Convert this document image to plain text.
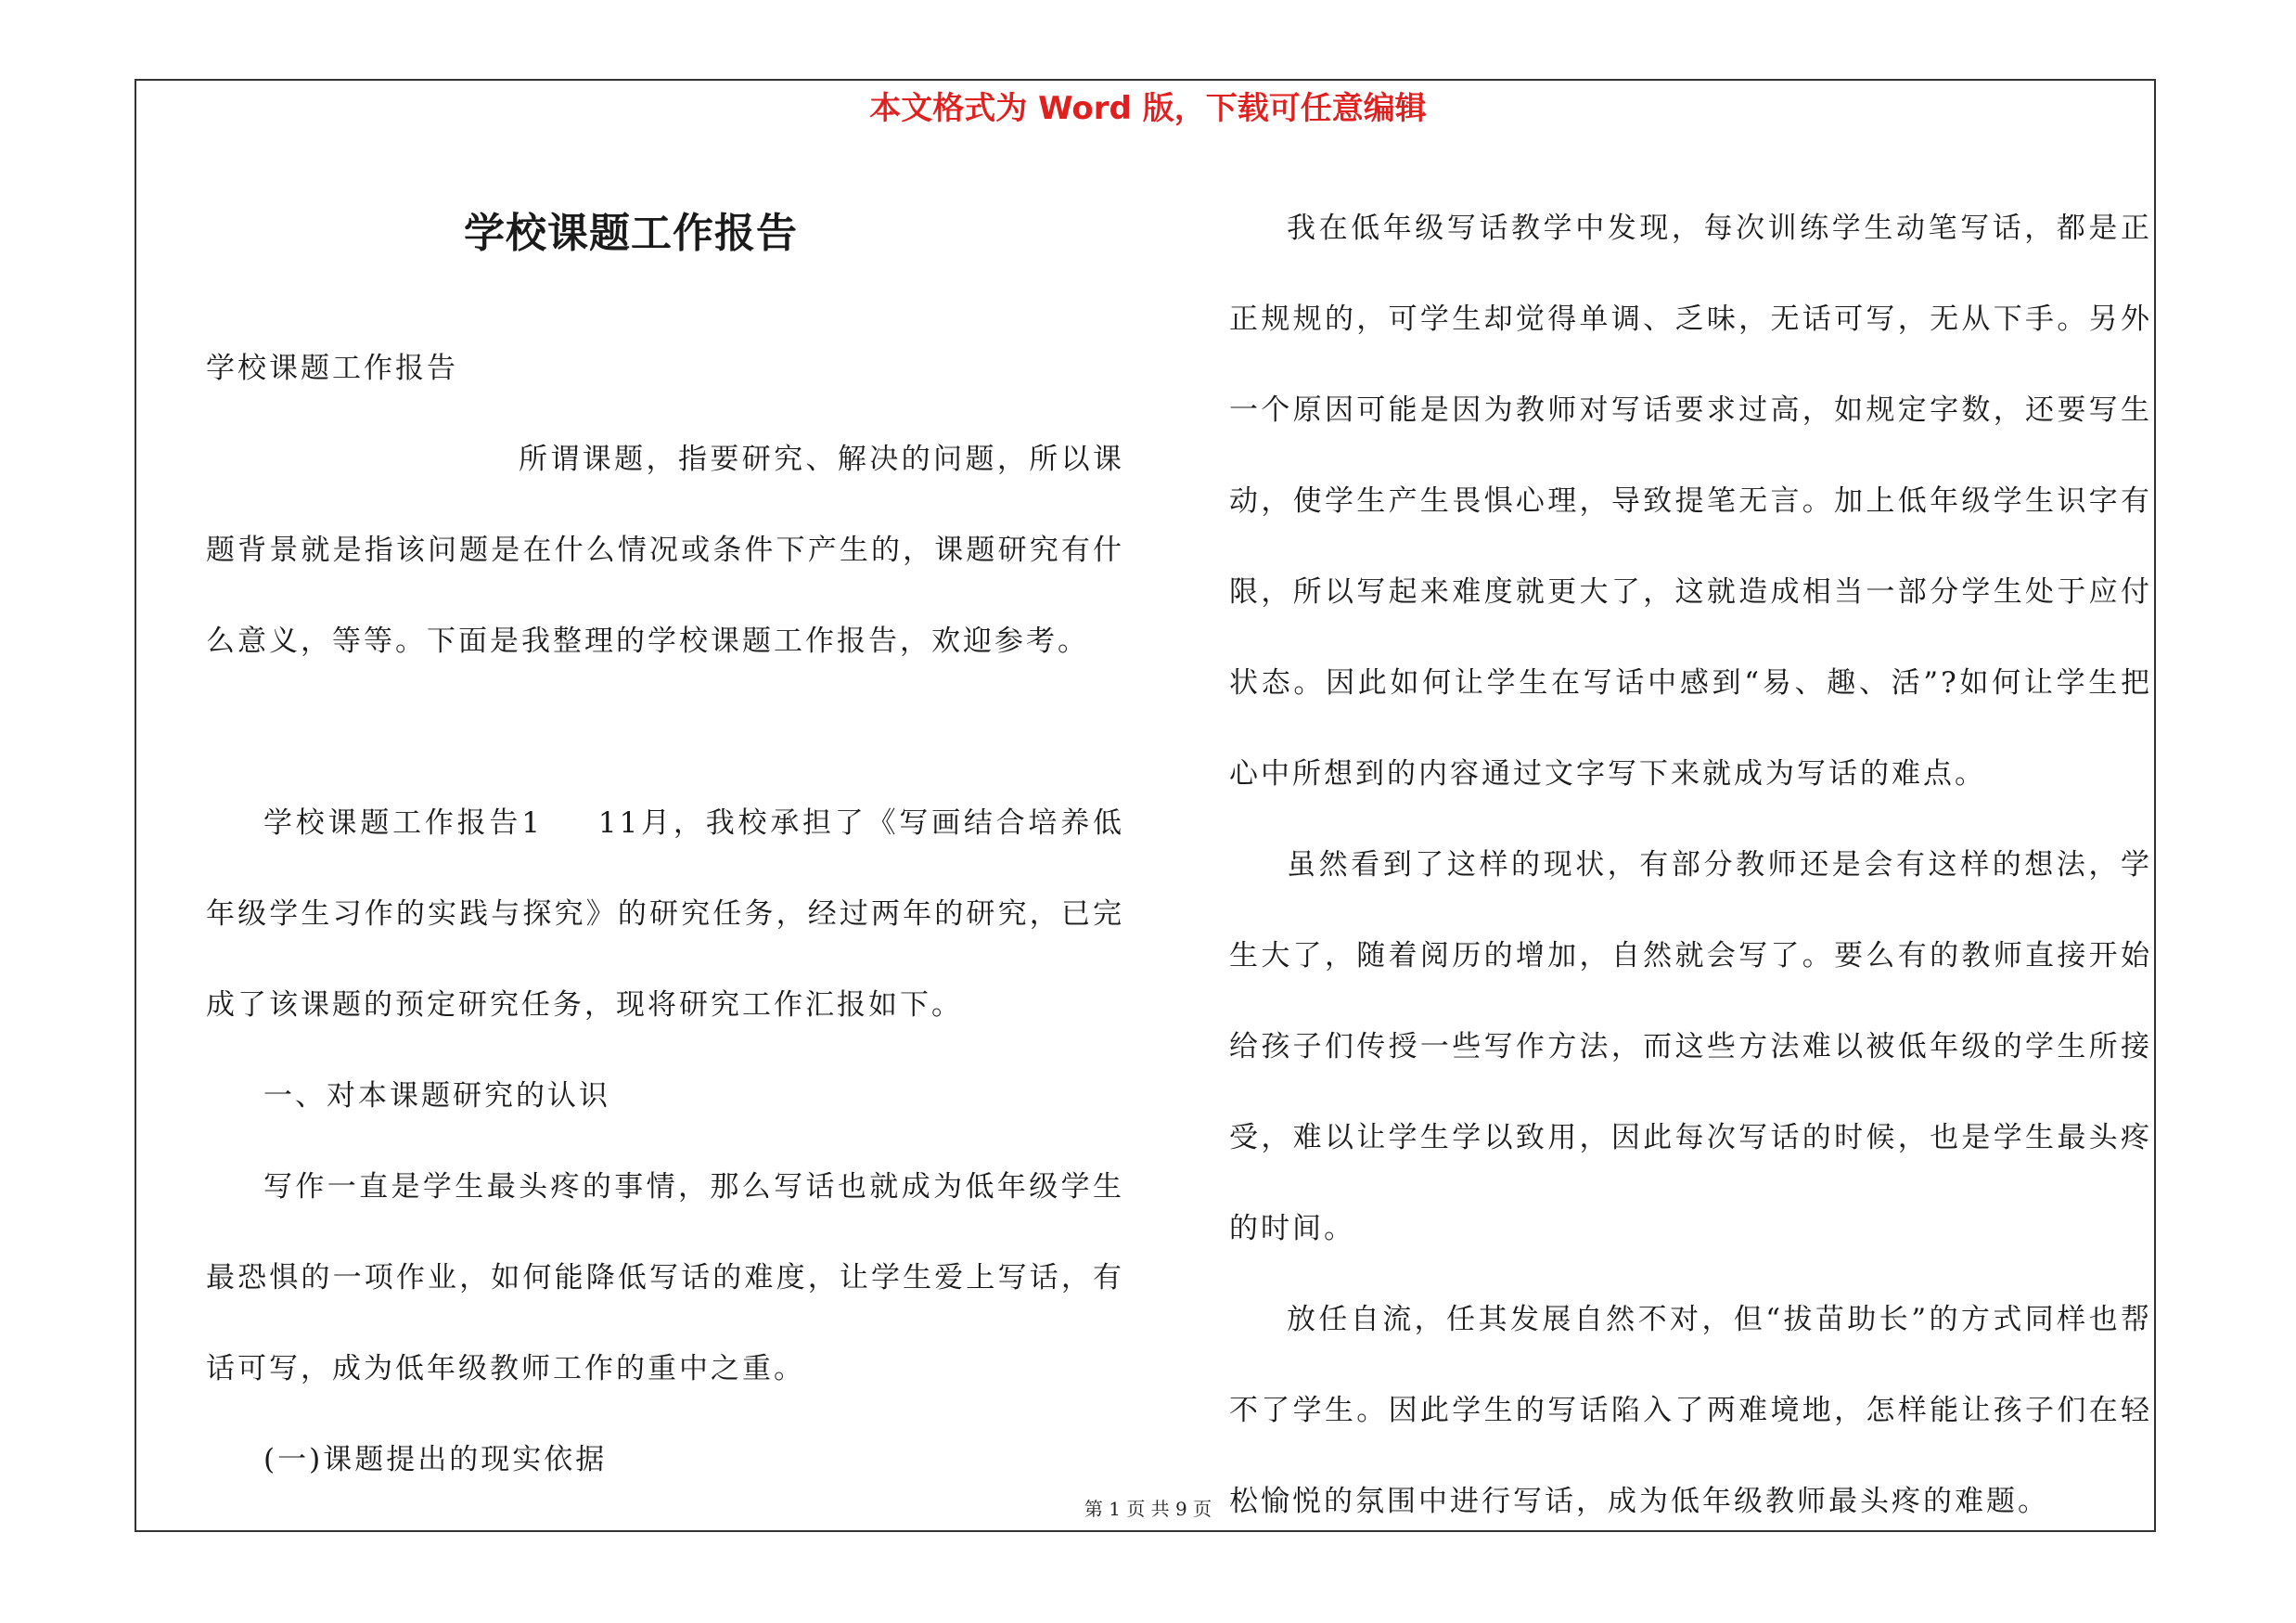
本文格式为 Word 版，下载可任意编辑
学校课题工作报告

学校课题工作报告

所谓课题，指要研究、解决的问题，所以课题背景就是指该问题是在什么情况或条件下产生的，课题研究有什么意义，等等。下面是我整理的学校课题工作报告，欢迎参考。

学校课题工作报告1 11月，我校承担了《写画结合培养低年级学生习作的实践与探究》的研究任务，经过两年的研究，已完成了该课题的预定研究任务，现将研究工作汇报如下。

一、对本课题研究的认识

写作一直是学生最头疼的事情，那么写话也就成为低年级学生最恐惧的一项作业，如何能降低写话的难度，让学生爱上写话，有话可写，成为低年级教师工作的重中之重。

(一)课题提出的现实依据

我在低年级写话教学中发现，每次训练学生动笔写话，都是正正规规的，可学生却觉得单调、乏味，无话可写，无从下手。另外一个原因可能是因为教师对写话要求过高，如规定字数，还要写生动，使学生产生畏惧心理，导致提笔无言。加上低年级学生识字有限，所以写起来难度就更大了，这就造成相当一部分学生处于应付状态。因此如何让学生在写话中感到“易、趣、活”?如何让学生把心中所想到的内容通过文字写下来就成为写话的难点。

虽然看到了这样的现状，有部分教师还是会有这样的想法，学生大了，随着阅历的增加，自然就会写了。要么有的教师直接开始给孩子们传授一些写作方法，而这些方法难以被低年级的学生所接受，难以让学生学以致用，因此每次写话的时候，也是学生最头疼的时间。

放任自流，任其发展自然不对，但“拔苗助长”的方式同样也帮不了学生。因此学生的写话陷入了两难境地，怎样能让孩子们在轻松愉悦的氛围中进行写话，成为低年级教师最头疼的难题。

第 1 页 共 9 页
